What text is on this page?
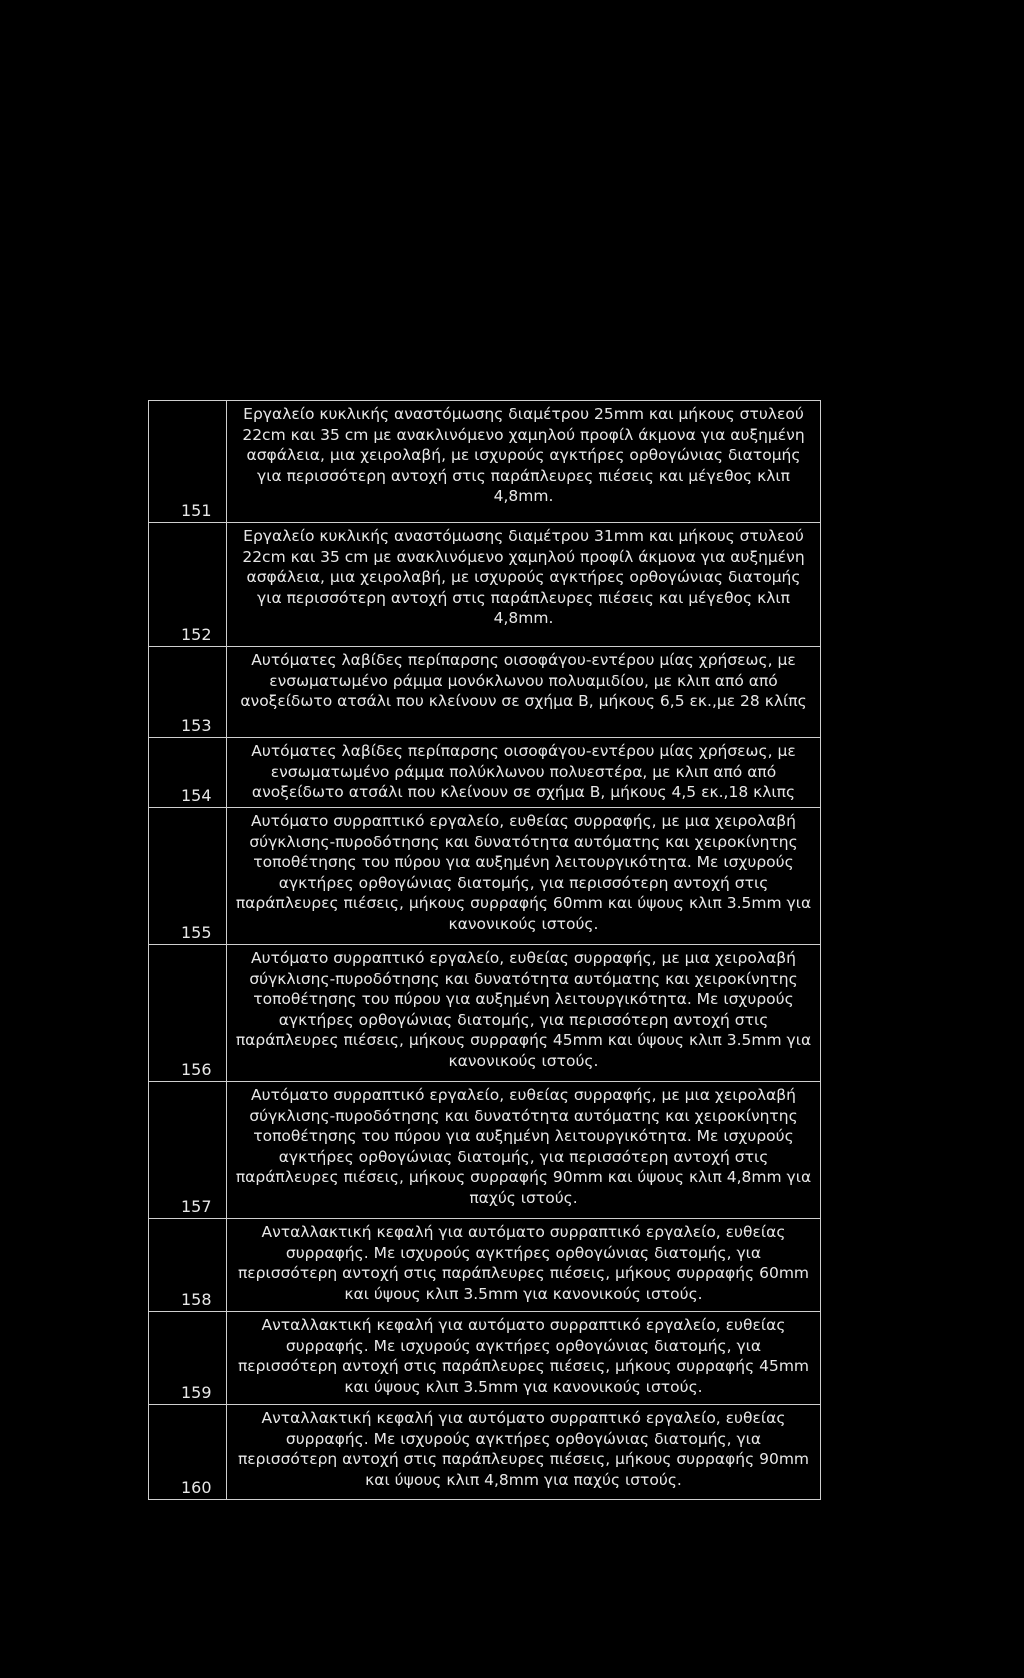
151	Εργαλείο κυκλικής αναστόμωσης διαμέτρου 25mm και μήκους στυλεού 22cm και 35 cm με ανακλινόμενο χαμηλού προφίλ άκμονα για αυξημένη ασφάλεια, μια χειρολαβή, με ισχυρούς αγκτήρες ορθογώνιας διατομής για περισσότερη αντοχή στις παράπλευρες πιέσεις και μέγεθος κλιπ 4,8mm.
152	Εργαλείο κυκλικής αναστόμωσης διαμέτρου 31mm και μήκους στυλεού 22cm και 35 cm με ανακλινόμενο χαμηλού προφίλ άκμονα για αυξημένη ασφάλεια, μια χειρολαβή, με ισχυρούς αγκτήρες ορθογώνιας διατομής για περισσότερη αντοχή στις παράπλευρες πιέσεις και μέγεθος κλιπ 4,8mm.
153	Αυτόματες λαβίδες περίπαρσης οισοφάγου-εντέρου μίας χρήσεως, με ενσωματωμένο ράμμα μονόκλωνου πολυαμιδίου, με κλιπ από από ανοξείδωτο ατσάλι που κλείνουν σε σχήμα Β, μήκους 6,5 εκ.,με 28 κλίπς
154	Αυτόματες λαβίδες περίπαρσης οισοφάγου-εντέρου μίας χρήσεως, με ενσωματωμένο ράμμα πολύκλωνου πολυεστέρα, με κλιπ από από ανοξείδωτο ατσάλι που κλείνουν σε σχήμα Β, μήκους 4,5 εκ.,18 κλιπς
155	Αυτόματο συρραπτικό εργαλείο, ευθείας συρραφής, με μια χειρολαβή σύγκλισης-πυροδότησης και δυνατότητα αυτόματης και χειροκίνητης τοποθέτησης του πύρου για αυξημένη λειτουργικότητα. Με ισχυρούς αγκτήρες ορθογώνιας διατομής, για περισσότερη αντοχή στις παράπλευρες πιέσεις, μήκους συρραφής 60mm και ύψους κλιπ 3.5mm για κανονικούς ιστούς.
156	Αυτόματο συρραπτικό εργαλείο, ευθείας συρραφής, με μια χειρολαβή σύγκλισης-πυροδότησης και δυνατότητα αυτόματης και χειροκίνητης τοποθέτησης του πύρου για αυξημένη λειτουργικότητα. Με ισχυρούς αγκτήρες ορθογώνιας διατομής, για περισσότερη αντοχή στις παράπλευρες πιέσεις, μήκους συρραφής 45mm και ύψους κλιπ 3.5mm για κανονικούς ιστούς.
157	Αυτόματο συρραπτικό εργαλείο, ευθείας συρραφής, με μια χειρολαβή σύγκλισης-πυροδότησης και δυνατότητα αυτόματης και χειροκίνητης τοποθέτησης του πύρου για αυξημένη λειτουργικότητα. Με ισχυρούς αγκτήρες ορθογώνιας διατομής, για περισσότερη αντοχή στις παράπλευρες πιέσεις, μήκους συρραφής 90mm και ύψους κλιπ 4,8mm για παχύς ιστούς.
158	Ανταλλακτική κεφαλή για αυτόματο συρραπτικό εργαλείο, ευθείας συρραφής. Με ισχυρούς αγκτήρες ορθογώνιας διατομής, για περισσότερη αντοχή στις παράπλευρες πιέσεις, μήκους συρραφής 60mm και ύψους κλιπ 3.5mm για κανονικούς ιστούς.
159	Ανταλλακτική κεφαλή για αυτόματο συρραπτικό εργαλείο, ευθείας συρραφής. Με ισχυρούς αγκτήρες ορθογώνιας διατομής, για περισσότερη αντοχή στις παράπλευρες πιέσεις, μήκους συρραφής 45mm και ύψους κλιπ 3.5mm για κανονικούς ιστούς.
160	Ανταλλακτική κεφαλή για αυτόματο συρραπτικό εργαλείο, ευθείας συρραφής. Με ισχυρούς αγκτήρες ορθογώνιας διατομής, για περισσότερη αντοχή στις παράπλευρες πιέσεις, μήκους συρραφής 90mm και ύψους κλιπ 4,8mm για παχύς ιστούς.
